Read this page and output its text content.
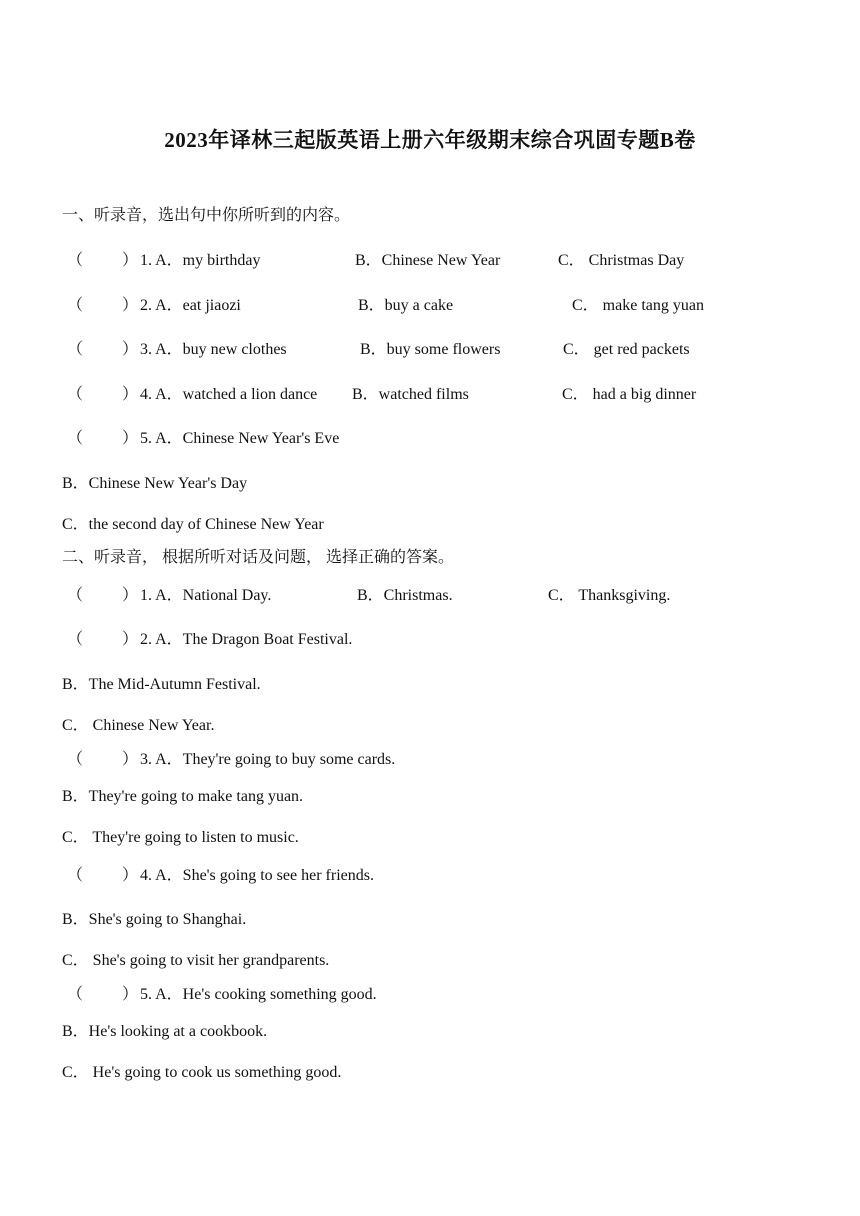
2023年译林三起版英语上册六年级期末综合巩固专题B卷
一、听录音，选出句中你所听到的内容。
（ ） 1. A．my birthday	B．Chinese New Year	C． Christmas Day
（ ） 2. A．eat jiaozi	B．buy a cake	C． make tang yuan
（ ） 3. A．buy new clothes	B．buy some flowers	C． get red packets
（ ） 4. A．watched a lion dance B．watched films	C． had a big dinner
（ ） 5. A．Chinese New Year's Eve
B．Chinese New Year's Day
C．the second day of Chinese New Year
二、听录音， 根据所听对话及问题， 选择正确的答案。
（ ） 1. A．National Day.	B．Christmas.	C． Thanksgiving.
（ ） 2. A．The Dragon Boat Festival.
B．The Mid-Autumn Festival.
C． Chinese New Year.
（ ） 3. A．They're going to buy some cards.
B．They're going to make tang yuan.
C． They're going to listen to music.
（ ） 4. A．She's going to see her friends.
B．She's going to Shanghai.
C． She's going to visit her grandparents.
（ ） 5. A．He's cooking something good.
B．He's looking at a cookbook.
C． He's going to cook us something good.
